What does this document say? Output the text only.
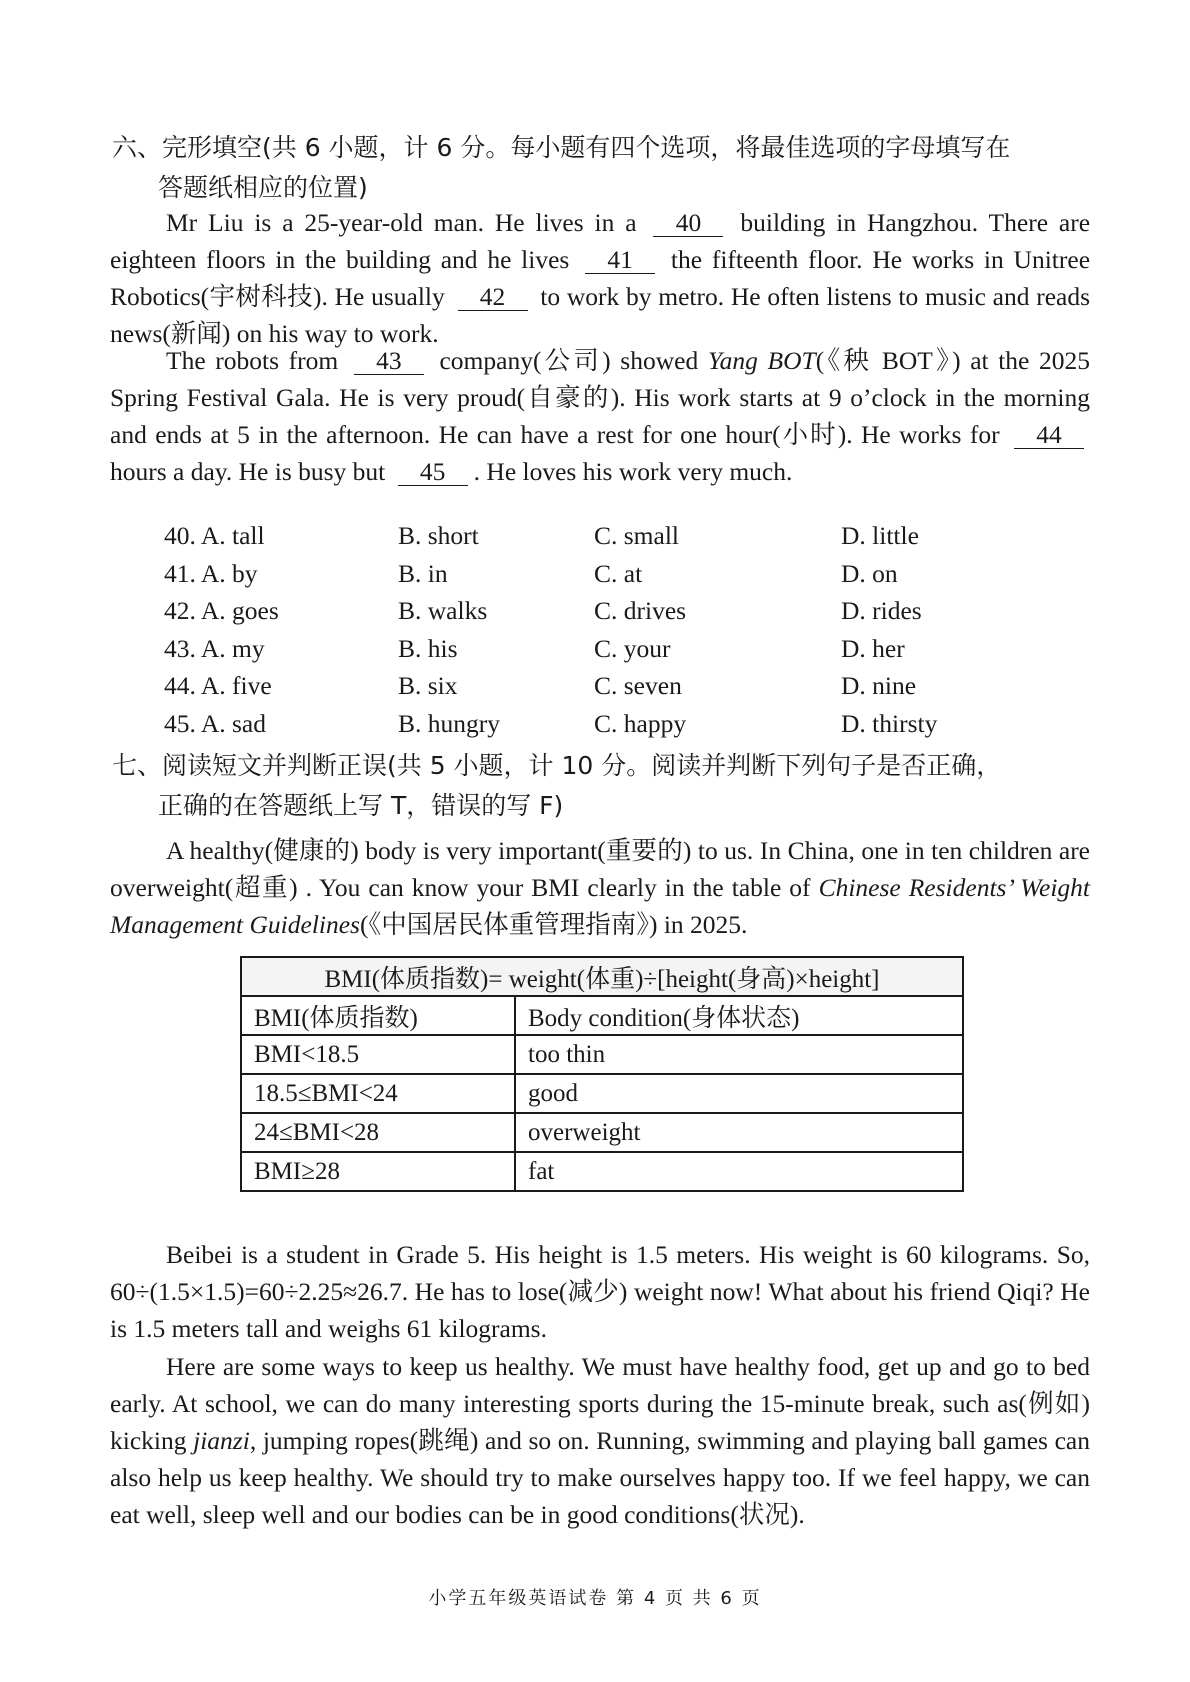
六、完形填空(共 6 小题，计 6 分。每小题有四个选项，将最佳选项的字母填写在
答题纸相应的位置)
Mr Liu is a 25-year-old man. He lives in a 40 building in Hangzhou. There are eighteen floors in the building and he lives 41 the fifteenth floor. He works in Unitree Robotics(宇树科技). He usually 42 to work by metro. He often listens to music and reads news(新闻) on his way to work.
The robots from 43 company(公司) showed Yang BOT(《秧 BOT》) at the 2025 Spring Festival Gala. He is very proud(自豪的). His work starts at 9 o’clock in the morning and ends at 5 in the afternoon. He can have a rest for one hour(小时). He works for 44 hours a day. He is busy but 45 . He loves his work very much.
40. A. tall	B. short	C. small	D. little
41. A. by	B. in	C. at	D. on
42. A. goes	B. walks	C. drives	D. rides
43. A. my	B. his	C. your	D. her
44. A. five	B. six	C. seven	D. nine
45. A. sad	B. hungry	C. happy	D. thirsty
七、阅读短文并判断正误(共 5 小题，计 10 分。阅读并判断下列句子是否正确，
正确的在答题纸上写 T，错误的写 F)
A healthy(健康的) body is very important(重要的) to us. In China, one in ten children are overweight(超重) . You can know your BMI clearly in the table of Chinese Residents’ Weight Management Guidelines(《中国居民体重管理指南》) in 2025.
BMI(体质指数)= weight(体重)÷[height(身高)×height]	
BMI(体质指数)	Body condition(身体状态)
BMI<18.5	too thin
18.5≤BMI<24	good
24≤BMI<28	overweight
BMI≥28	fat
Beibei is a student in Grade 5. His height is 1.5 meters. His weight is 60 kilograms. So, 60÷(1.5×1.5)=60÷2.25≈26.7. He has to lose(减少) weight now! What about his friend Qiqi? He is 1.5 meters tall and weighs 61 kilograms.
Here are some ways to keep us healthy. We must have healthy food, get up and go to bed early. At school, we can do many interesting sports during the 15-minute break, such as(例如) kicking jianzi, jumping ropes(跳绳) and so on. Running, swimming and playing ball games can also help us keep healthy. We should try to make ourselves happy too. If we feel happy, we can eat well, sleep well and our bodies can be in good conditions(状况).
小学五年级英语试卷 第 4 页 共 6 页
